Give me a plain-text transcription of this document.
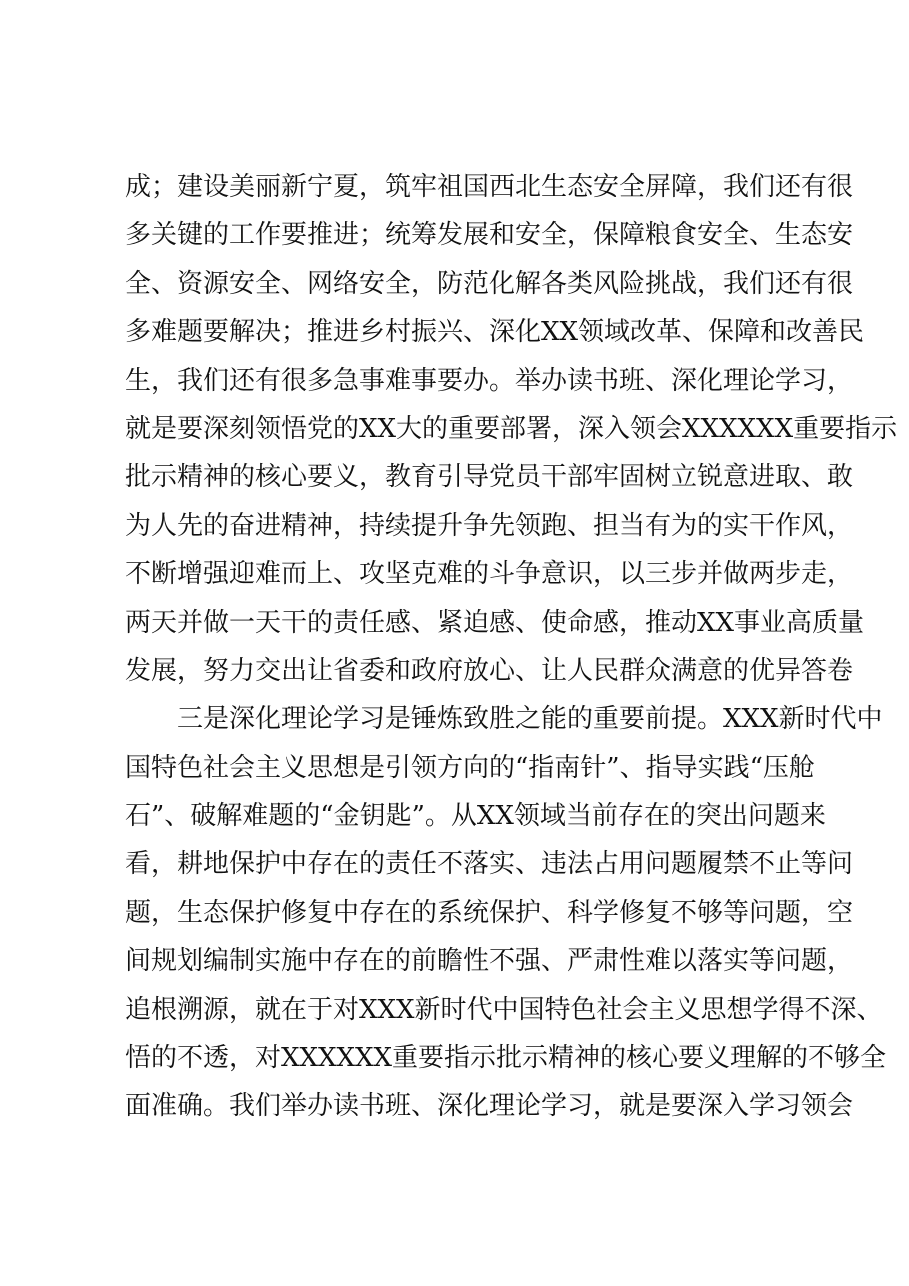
成；建设美丽新宁夏，筑牢祖国西北生态安全屏障，我们还有很
多关键的工作要推进；统筹发展和安全，保障粮食安全、生态安
全、资源安全、网络安全，防范化解各类风险挑战，我们还有很
多难题要解决；推进乡村振兴、深化XX领域改革、保障和改善民
生，我们还有很多急事难事要办。举办读书班、深化理论学习，
就是要深刻领悟党的XX大的重要部署，深入领会XXXXXX重要指示
批示精神的核心要义，教育引导党员干部牢固树立锐意进取、敢
为人先的奋进精神，持续提升争先领跑、担当有为的实干作风，
不断增强迎难而上、攻坚克难的斗争意识，以三步并做两步走，
两天并做一天干的责任感、紧迫感、使命感，推动XX事业高质量
发展，努力交出让省委和政府放心、让人民群众满意的优异答卷
三是深化理论学习是锤炼致胜之能的重要前提。XXX新时代中
国特色社会主义思想是引领方向的“指南针”、指导实践“压舱
石”、破解难题的“金钥匙”。从XX领域当前存在的突出问题来
看，耕地保护中存在的责任不落实、违法占用问题履禁不止等问
题，生态保护修复中存在的系统保护、科学修复不够等问题，空
间规划编制实施中存在的前瞻性不强、严肃性难以落实等问题，
追根溯源，就在于对XXX新时代中国特色社会主义思想学得不深、
悟的不透，对XXXXXX重要指示批示精神的核心要义理解的不够全
面准确。我们举办读书班、深化理论学习，就是要深入学习领会
